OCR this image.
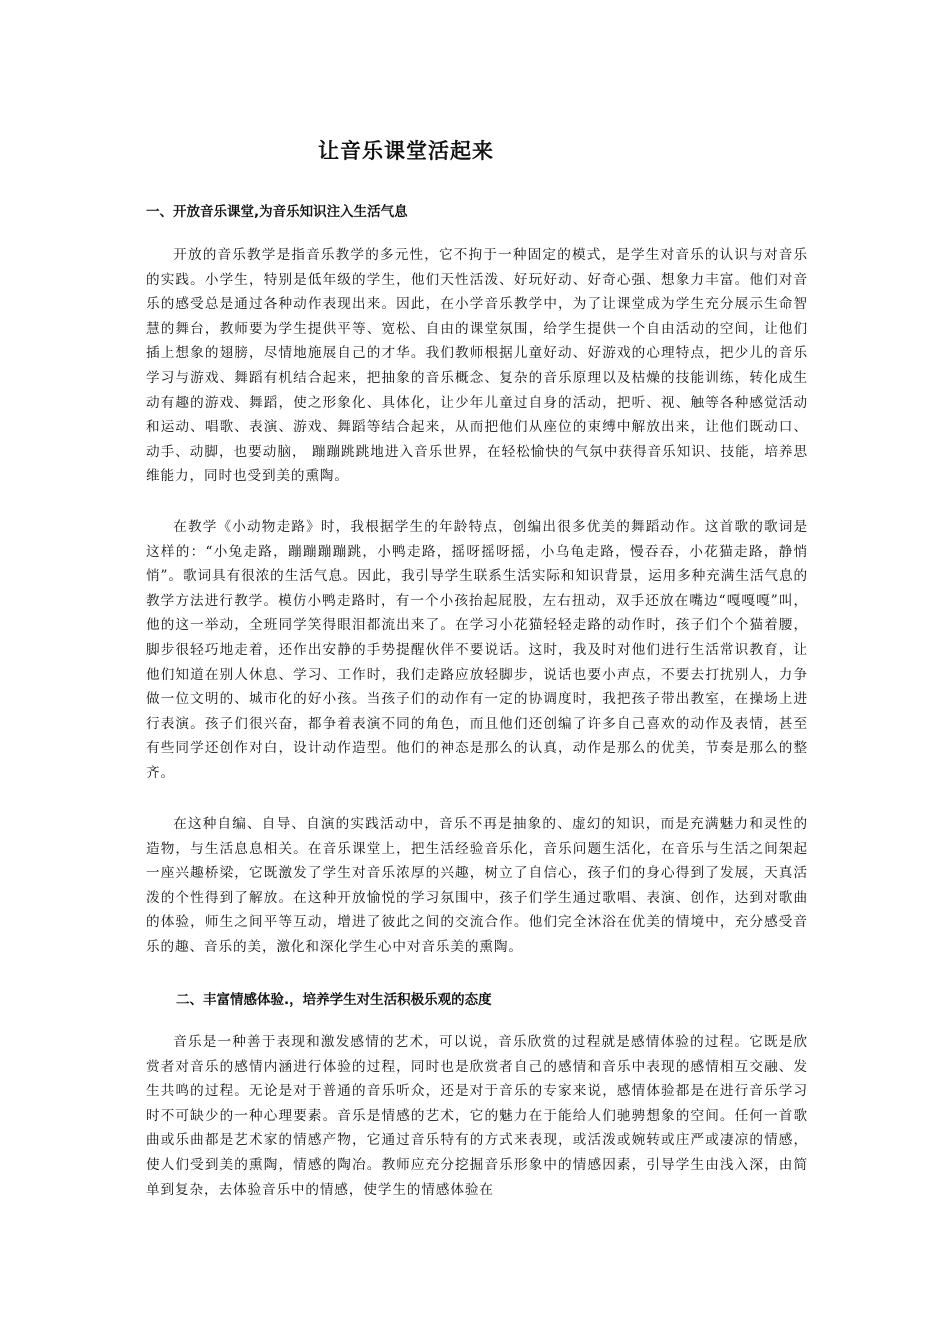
让音乐课堂活起来
一、开放音乐课堂,为音乐知识注入生活气息

开放的音乐教学是指音乐教学的多元性，它不拘于一种固定的模式，是学生对音乐的认识与对音乐的实践。小学生，特别是低年级的学生，他们天性活泼、好玩好动、好奇心强、想象力丰富。他们对音乐的感受总是通过各种动作表现出来。因此，在小学音乐教学中，为了让课堂成为学生充分展示生命智慧的舞台，教师要为学生提供平等、宽松、自由的课堂氛围，给学生提供一个自由活动的空间，让他们插上想象的翅膀，尽情地施展自己的才华。我们教师根据儿童好动、好游戏的心理特点，把少儿的音乐学习与游戏、舞蹈有机结合起来，把抽象的音乐概念、复杂的音乐原理以及枯燥的技能训练，转化成生动有趣的游戏、舞蹈，使之形象化、具体化，让少年儿童过自身的活动，把听、视、触等各种感觉活动和运动、唱歌、表演、游戏、舞蹈等结合起来，从而把他们从座位的束缚中解放出来，让他们既动口、动手、动脚，也要动脑， 蹦蹦跳跳地进入音乐世界，在轻松愉快的气氛中获得音乐知识、技能，培养思维能力，同时也受到美的熏陶。

在教学《小动物走路》时，我根据学生的年龄特点，创编出很多优美的舞蹈动作。这首歌的歌词是这样的：“小兔走路，蹦蹦蹦蹦跳，小鸭走路，摇呀摇呀摇，小乌龟走路，慢吞吞，小花猫走路，静悄悄”。歌词具有很浓的生活气息。因此，我引导学生联系生活实际和知识背景，运用多种充满生活气息的教学方法进行教学。模仿小鸭走路时，有一个小孩抬起屁股，左右扭动，双手还放在嘴边“嘎嘎嘎”叫，他的这一举动，全班同学笑得眼泪都流出来了。在学习小花猫轻轻走路的动作时，孩子们个个猫着腰，脚步很轻巧地走着，还作出安静的手势提醒伙伴不要说话。这时，我及时对他们进行生活常识教育，让他们知道在别人休息、学习、工作时，我们走路应放轻脚步，说话也要小声点，不要去打扰别人，力争做一位文明的、城市化的好小孩。当孩子们的动作有一定的协调度时，我把孩子带出教室，在操场上进行表演。孩子们很兴奋，都争着表演不同的角色，而且他们还创编了许多自己喜欢的动作及表情，甚至有些同学还创作对白，设计动作造型。他们的神态是那么的认真，动作是那么的优美，节奏是那么的整齐。

在这种自编、自导、自演的实践活动中，音乐不再是抽象的、虚幻的知识，而是充满魅力和灵性的造物，与生活息息相关。在音乐课堂上，把生活经验音乐化，音乐问题生活化，在音乐与生活之间架起一座兴趣桥梁，它既激发了学生对音乐浓厚的兴趣，树立了自信心，孩子们的身心得到了发展，天真活泼的个性得到了解放。在这种开放愉悦的学习氛围中，孩子们学生通过歌唱、表演、创作，达到对歌曲的体验，师生之间平等互动，增进了彼此之间的交流合作。他们完全沐浴在优美的情境中，充分感受音乐的趣、音乐的美，激化和深化学生心中对音乐美的熏陶。

二、丰富情感体验.，培养学生对生活积极乐观的态度

音乐是一种善于表现和激发感情的艺术，可以说，音乐欣赏的过程就是感情体验的过程。它既是欣赏者对音乐的感情内涵进行体验的过程，同时也是欣赏者自己的感情和音乐中表现的感情相互交融、发生共鸣的过程。无论是对于普通的音乐听众，还是对于音乐的专家来说，感情体验都是在进行音乐学习时不可缺少的一种心理要素。音乐是情感的艺术，它的魅力在于能给人们驰骋想象的空间。任何一首歌曲或乐曲都是艺术家的情感产物，它通过音乐特有的方式来表现，或活泼或婉转或庄严或凄凉的情感，使人们受到美的熏陶，情感的陶冶。教师应充分挖掘音乐形象中的情感因素，引导学生由浅入深，由简单到复杂，去体验音乐中的情感，使学生的情感体验在
